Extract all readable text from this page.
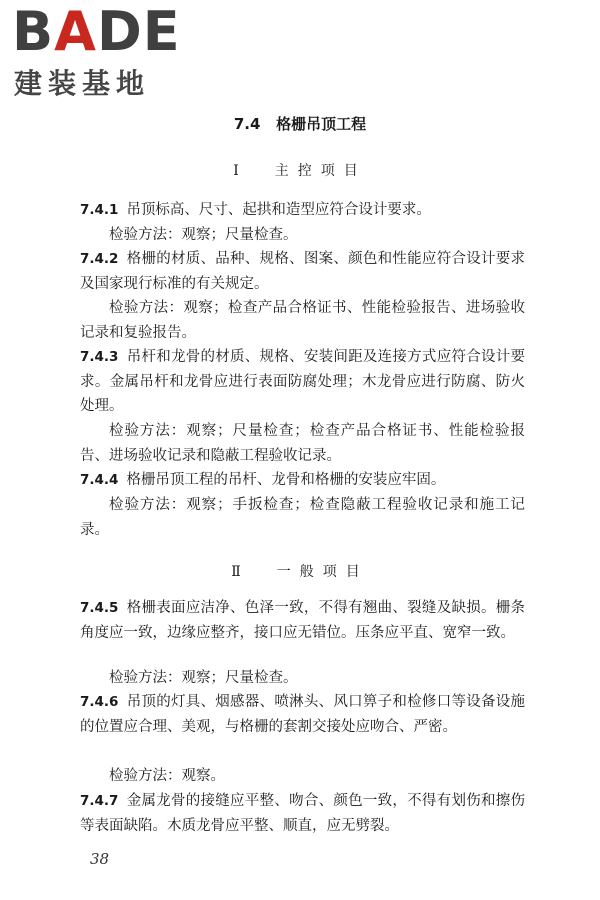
BADE
建装基地
7.4   格栅吊顶工程
Ⅰ  主控项目
7.4.1 吊顶标高、尺寸、起拱和造型应符合设计要求。
检验方法：观察；尺量检查。
7.4.2 格栅的材质、品种、规格、图案、颜色和性能应符合设计要求及国家现行标准的有关规定。
检验方法：观察；检查产品合格证书、性能检验报告、进场验收记录和复验报告。
7.4.3 吊杆和龙骨的材质、规格、安装间距及连接方式应符合设计要求。金属吊杆和龙骨应进行表面防腐处理；木龙骨应进行防腐、防火处理。
检验方法：观察；尺量检查；检查产品合格证书、性能检验报告、进场验收记录和隐蔽工程验收记录。
7.4.4 格栅吊顶工程的吊杆、龙骨和格栅的安装应牢固。
检验方法：观察；手扳检查；检查隐蔽工程验收记录和施工记录。
Ⅱ  一般项目
7.4.5 格栅表面应洁净、色泽一致，不得有翘曲、裂缝及缺损。栅条角度应一致，边缘应整齐，接口应无错位。压条应平直、宽窄一致。
检验方法：观察；尺量检查。
7.4.6 吊顶的灯具、烟感器、喷淋头、风口箅子和检修口等设备设施的位置应合理、美观，与格栅的套割交接处应吻合、严密。
检验方法：观察。
7.4.7 金属龙骨的接缝应平整、吻合、颜色一致，不得有划伤和擦伤等表面缺陷。木质龙骨应平整、顺直，应无劈裂。
38
